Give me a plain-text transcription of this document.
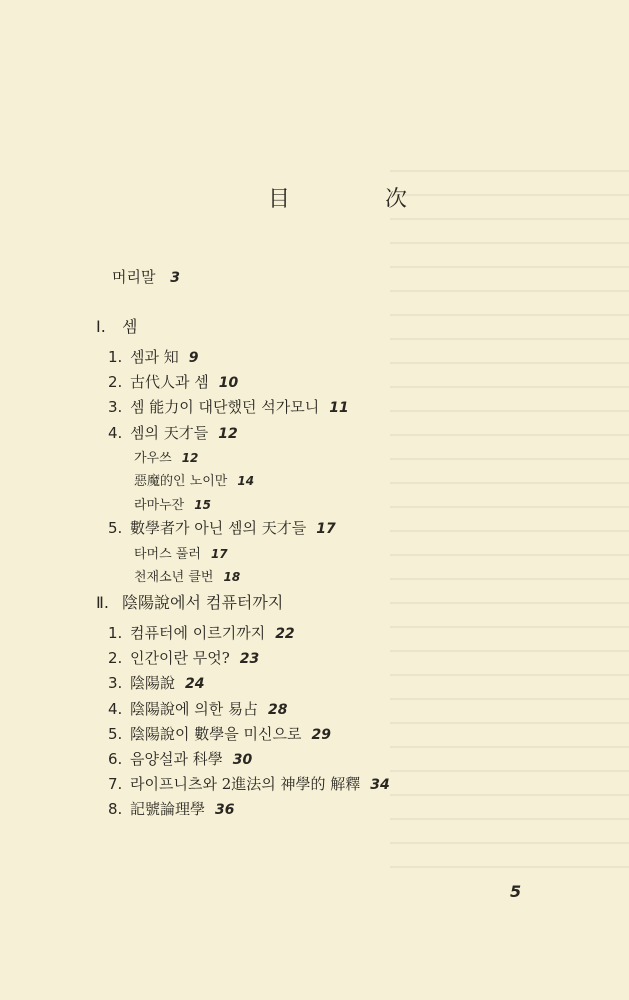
目 次
머리말 3
Ⅰ. 셈
1. 셈과 知 9
2. 古代人과 셈 10
3. 셈 能力이 대단했던 석가모니 11
4. 셈의 天才들 12
가우쓰 12
惡魔的인 노이만 14
라마누잔 15
5. 數學者가 아닌 셈의 天才들 17
타머스 풀러 17
천재소년 클번 18
Ⅱ. 陰陽說에서 컴퓨터까지
1. 컴퓨터에 이르기까지 22
2. 인간이란 무엇? 23
3. 陰陽說 24
4. 陰陽說에 의한 易占 28
5. 陰陽說이 數學을 미신으로 29
6. 음양설과 科學 30
7. 라이프니츠와 2進法의 神學的 解釋 34
8. 記號論理學 36
5
